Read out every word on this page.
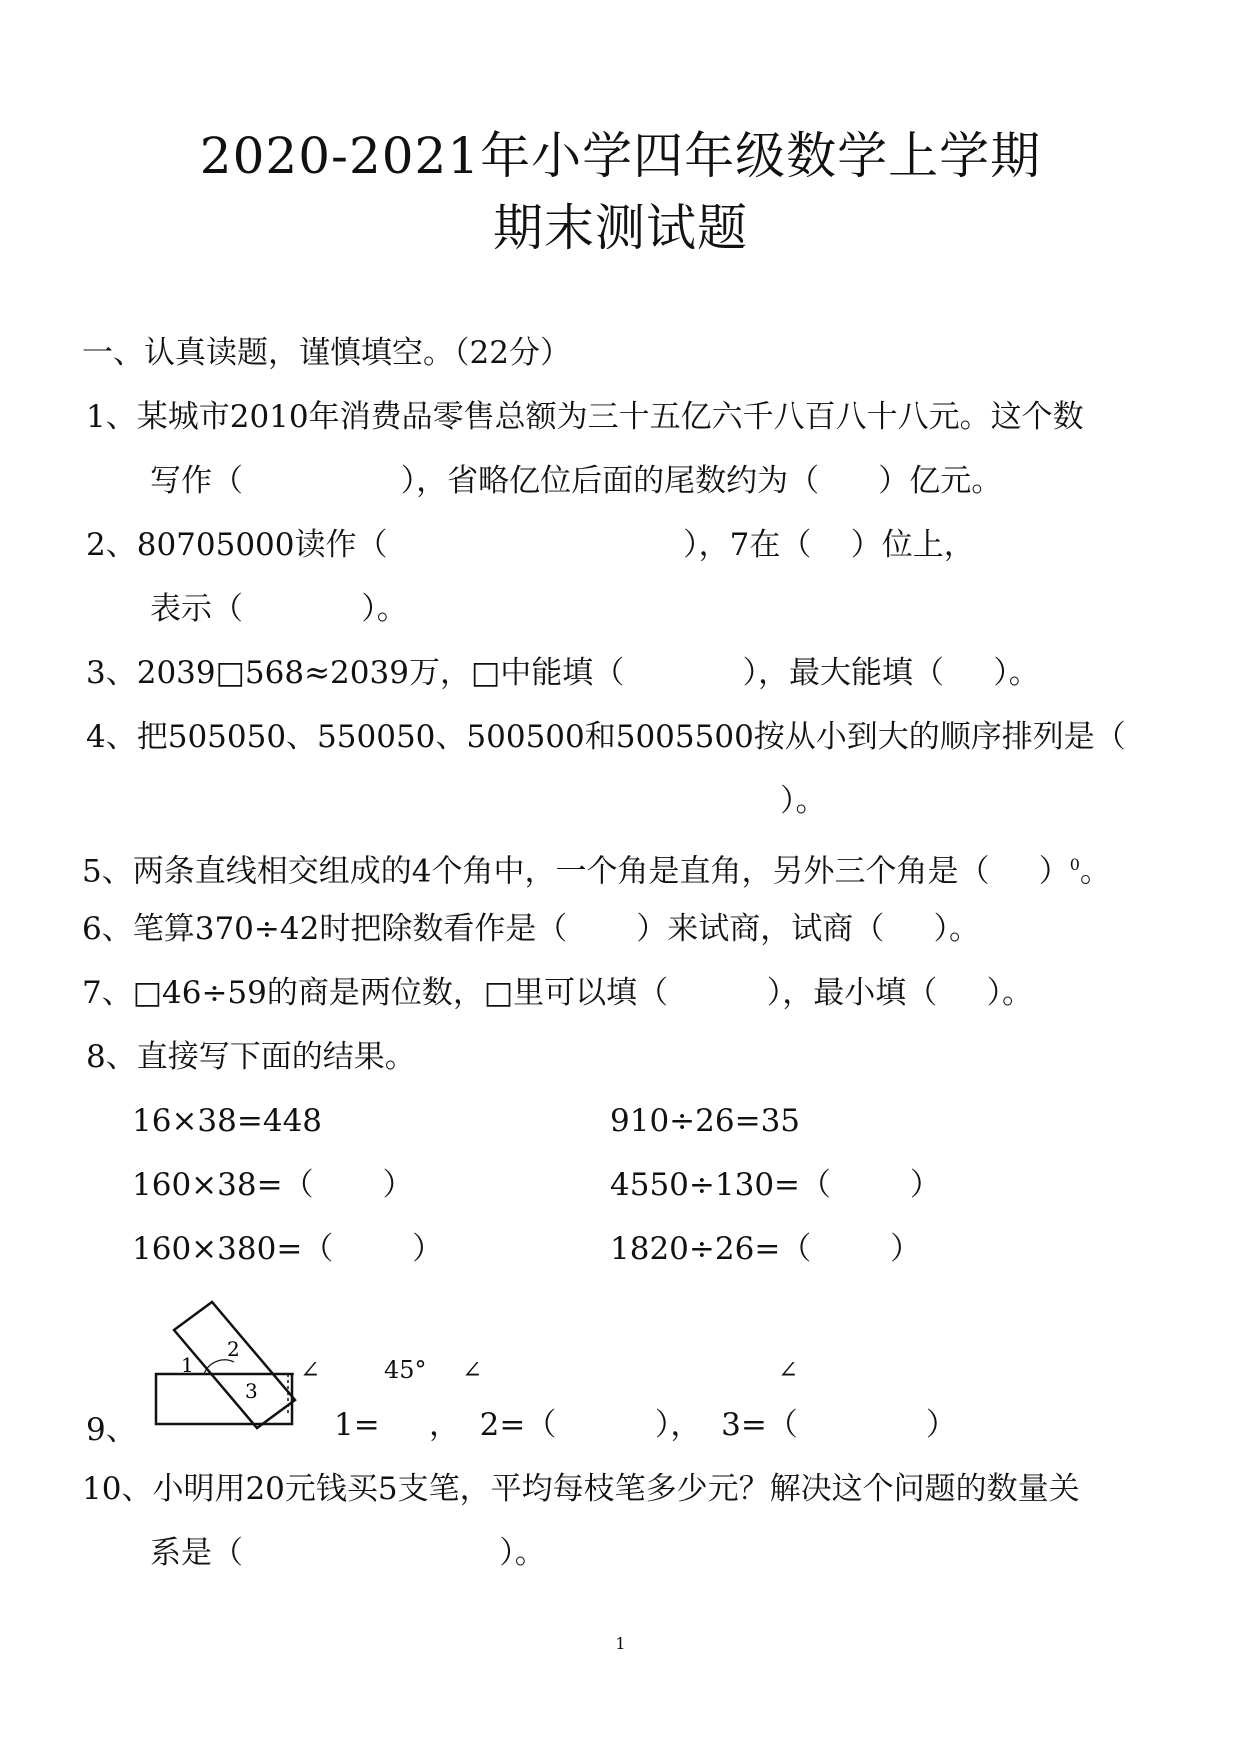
2020-2021年小学四年级数学上学期
期末测试题
一、认真读题，谨慎填空。（22分）
1、某城市2010年消费品零售总额为三十五亿六千八百八十八元。这个数
写作（                ），省略亿位后面的尾数约为（      ）亿元。
2、80705000读作（                              ），7在（    ）位上，
表示（            ）。
3、2039□568≈2039万，□中能填（            ），最大能填（     ）。
4、把505050、550050、500500和5005500按从小到大的顺序排列是（
）。
5、两条直线相交组成的4个角中，一个角是直角，另外三个角是（     ）$^0$。
6、笔算370÷42时把除数看作是（       ）来试商，试商（     ）。
7、□46÷59的商是两位数，□里可以填（          ），最小填（     ）。
8、直接写下面的结果。
16×38=448	910÷26=35
160×38=（       ）	4550÷130=（        ）
160×380=（        ）	1820÷26=（        ）
1
2
3
∠	45° ∠	∠
9、	1=     ，  2=（          ），  3=（             ）
10、小明用20元钱买5支笔，平均每枝笔多少元？解决这个问题的数量关
系是（                          ）。
1
